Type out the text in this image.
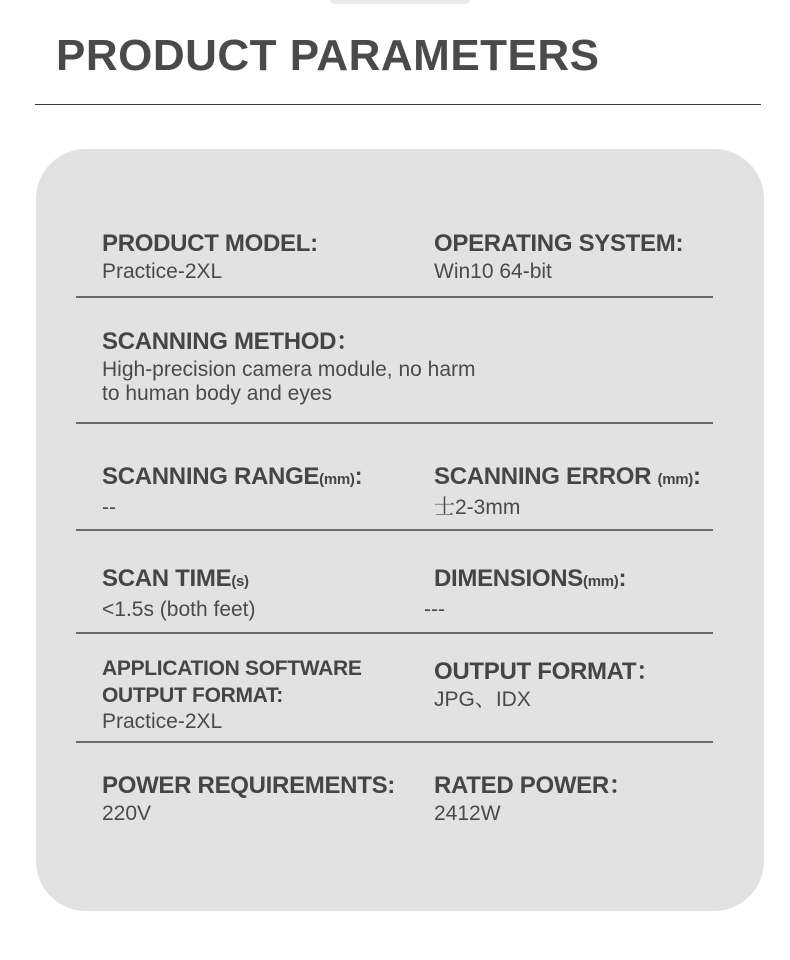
PRODUCT PARAMETERS
PRODUCT MODEL:
Practice-2XL
OPERATING SYSTEM:
Win10 64-bit
SCANNING METHOD：
High-precision camera module, no harm
to human body and eyes
SCANNING RANGE(mm):
--
SCANNING ERROR (mm):
士2-3mm
SCAN TIME(s)
<1.5s (both feet)
DIMENSIONS(mm):
---
APPLICATION SOFTWARE
OUTPUT FORMAT:
Practice-2XL
OUTPUT FORMAT：
JPG、IDX
POWER REQUIREMENTS:
220V
RATED POWER：
2412W
